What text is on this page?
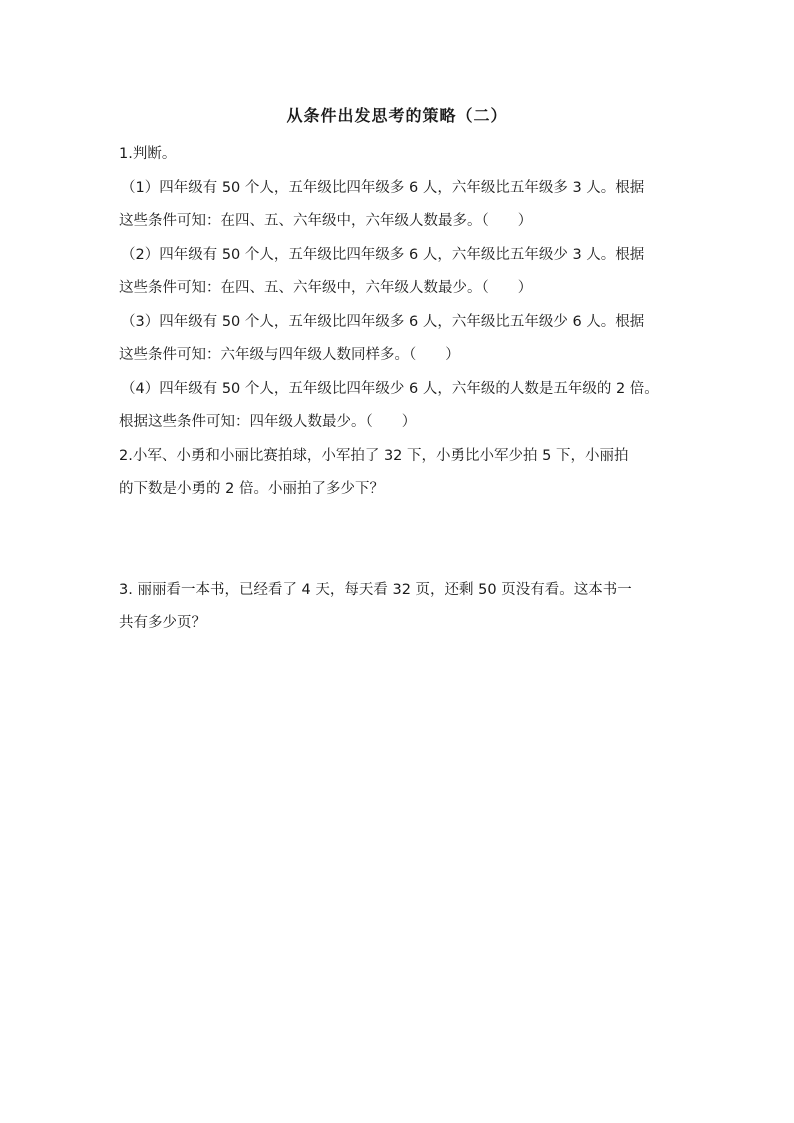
从条件出发思考的策略（二）
1.判断。
（1）四年级有 50 个人，五年级比四年级多 6 人，六年级比五年级多 3 人。根据
这些条件可知：在四、五、六年级中，六年级人数最多。（　　）
（2）四年级有 50 个人，五年级比四年级多 6 人，六年级比五年级少 3 人。根据
这些条件可知：在四、五、六年级中，六年级人数最少。（　　）
（3）四年级有 50 个人，五年级比四年级多 6 人，六年级比五年级少 6 人。根据
这些条件可知：六年级与四年级人数同样多。（　　）
（4）四年级有 50 个人，五年级比四年级少 6 人，六年级的人数是五年级的 2 倍。
根据这些条件可知：四年级人数最少。（　　）
2.小军、小勇和小丽比赛拍球，小军拍了 32 下，小勇比小军少拍 5 下，小丽拍
的下数是小勇的 2 倍。小丽拍了多少下？
3. 丽丽看一本书，已经看了 4 天，每天看 32 页，还剩 50 页没有看。这本书一
共有多少页？
